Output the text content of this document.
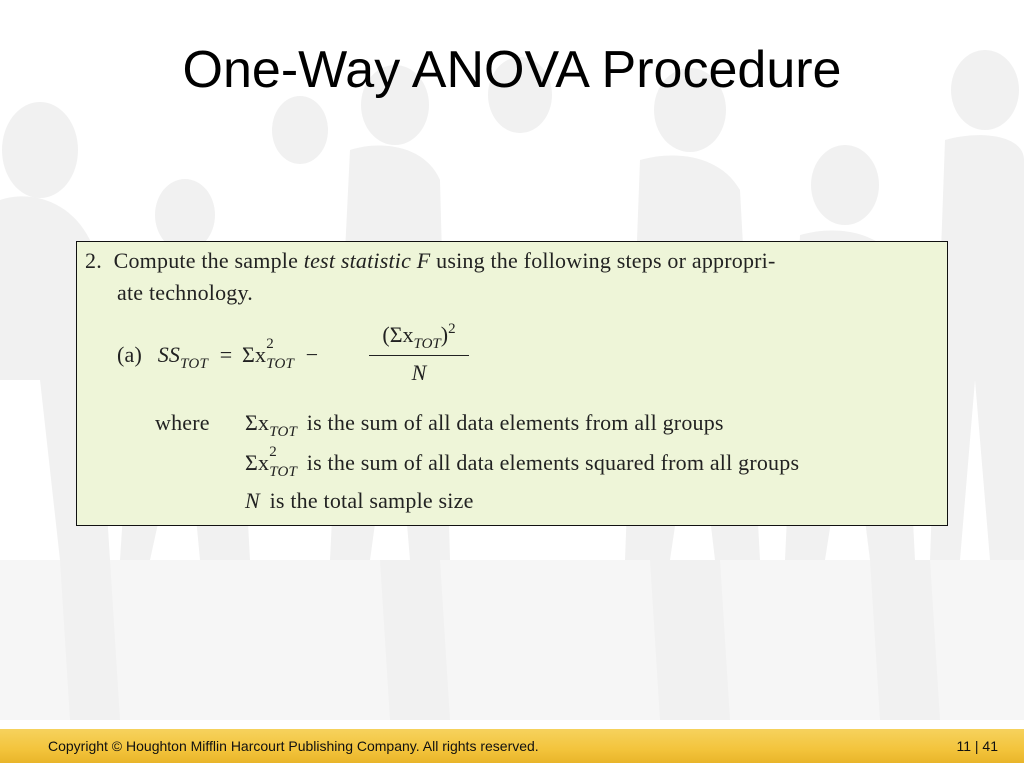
One-Way ANOVA Procedure
2. Compute the sample test statistic F using the following steps or appropri-
ate technology.
(a) $SS_{TOT} = \Sigma x$ 2
TOT −
$(\Sigma x_{TOT})^2$
N
where $\Sigma x_{TOT}$ is the sum of all data elements from all groups
Σx 2
TOT is the sum of all data elements squared from all groups
N is the total sample size
Copyright © Houghton Mifflin Harcourt Publishing Company. All rights reserved.	11 | 41
